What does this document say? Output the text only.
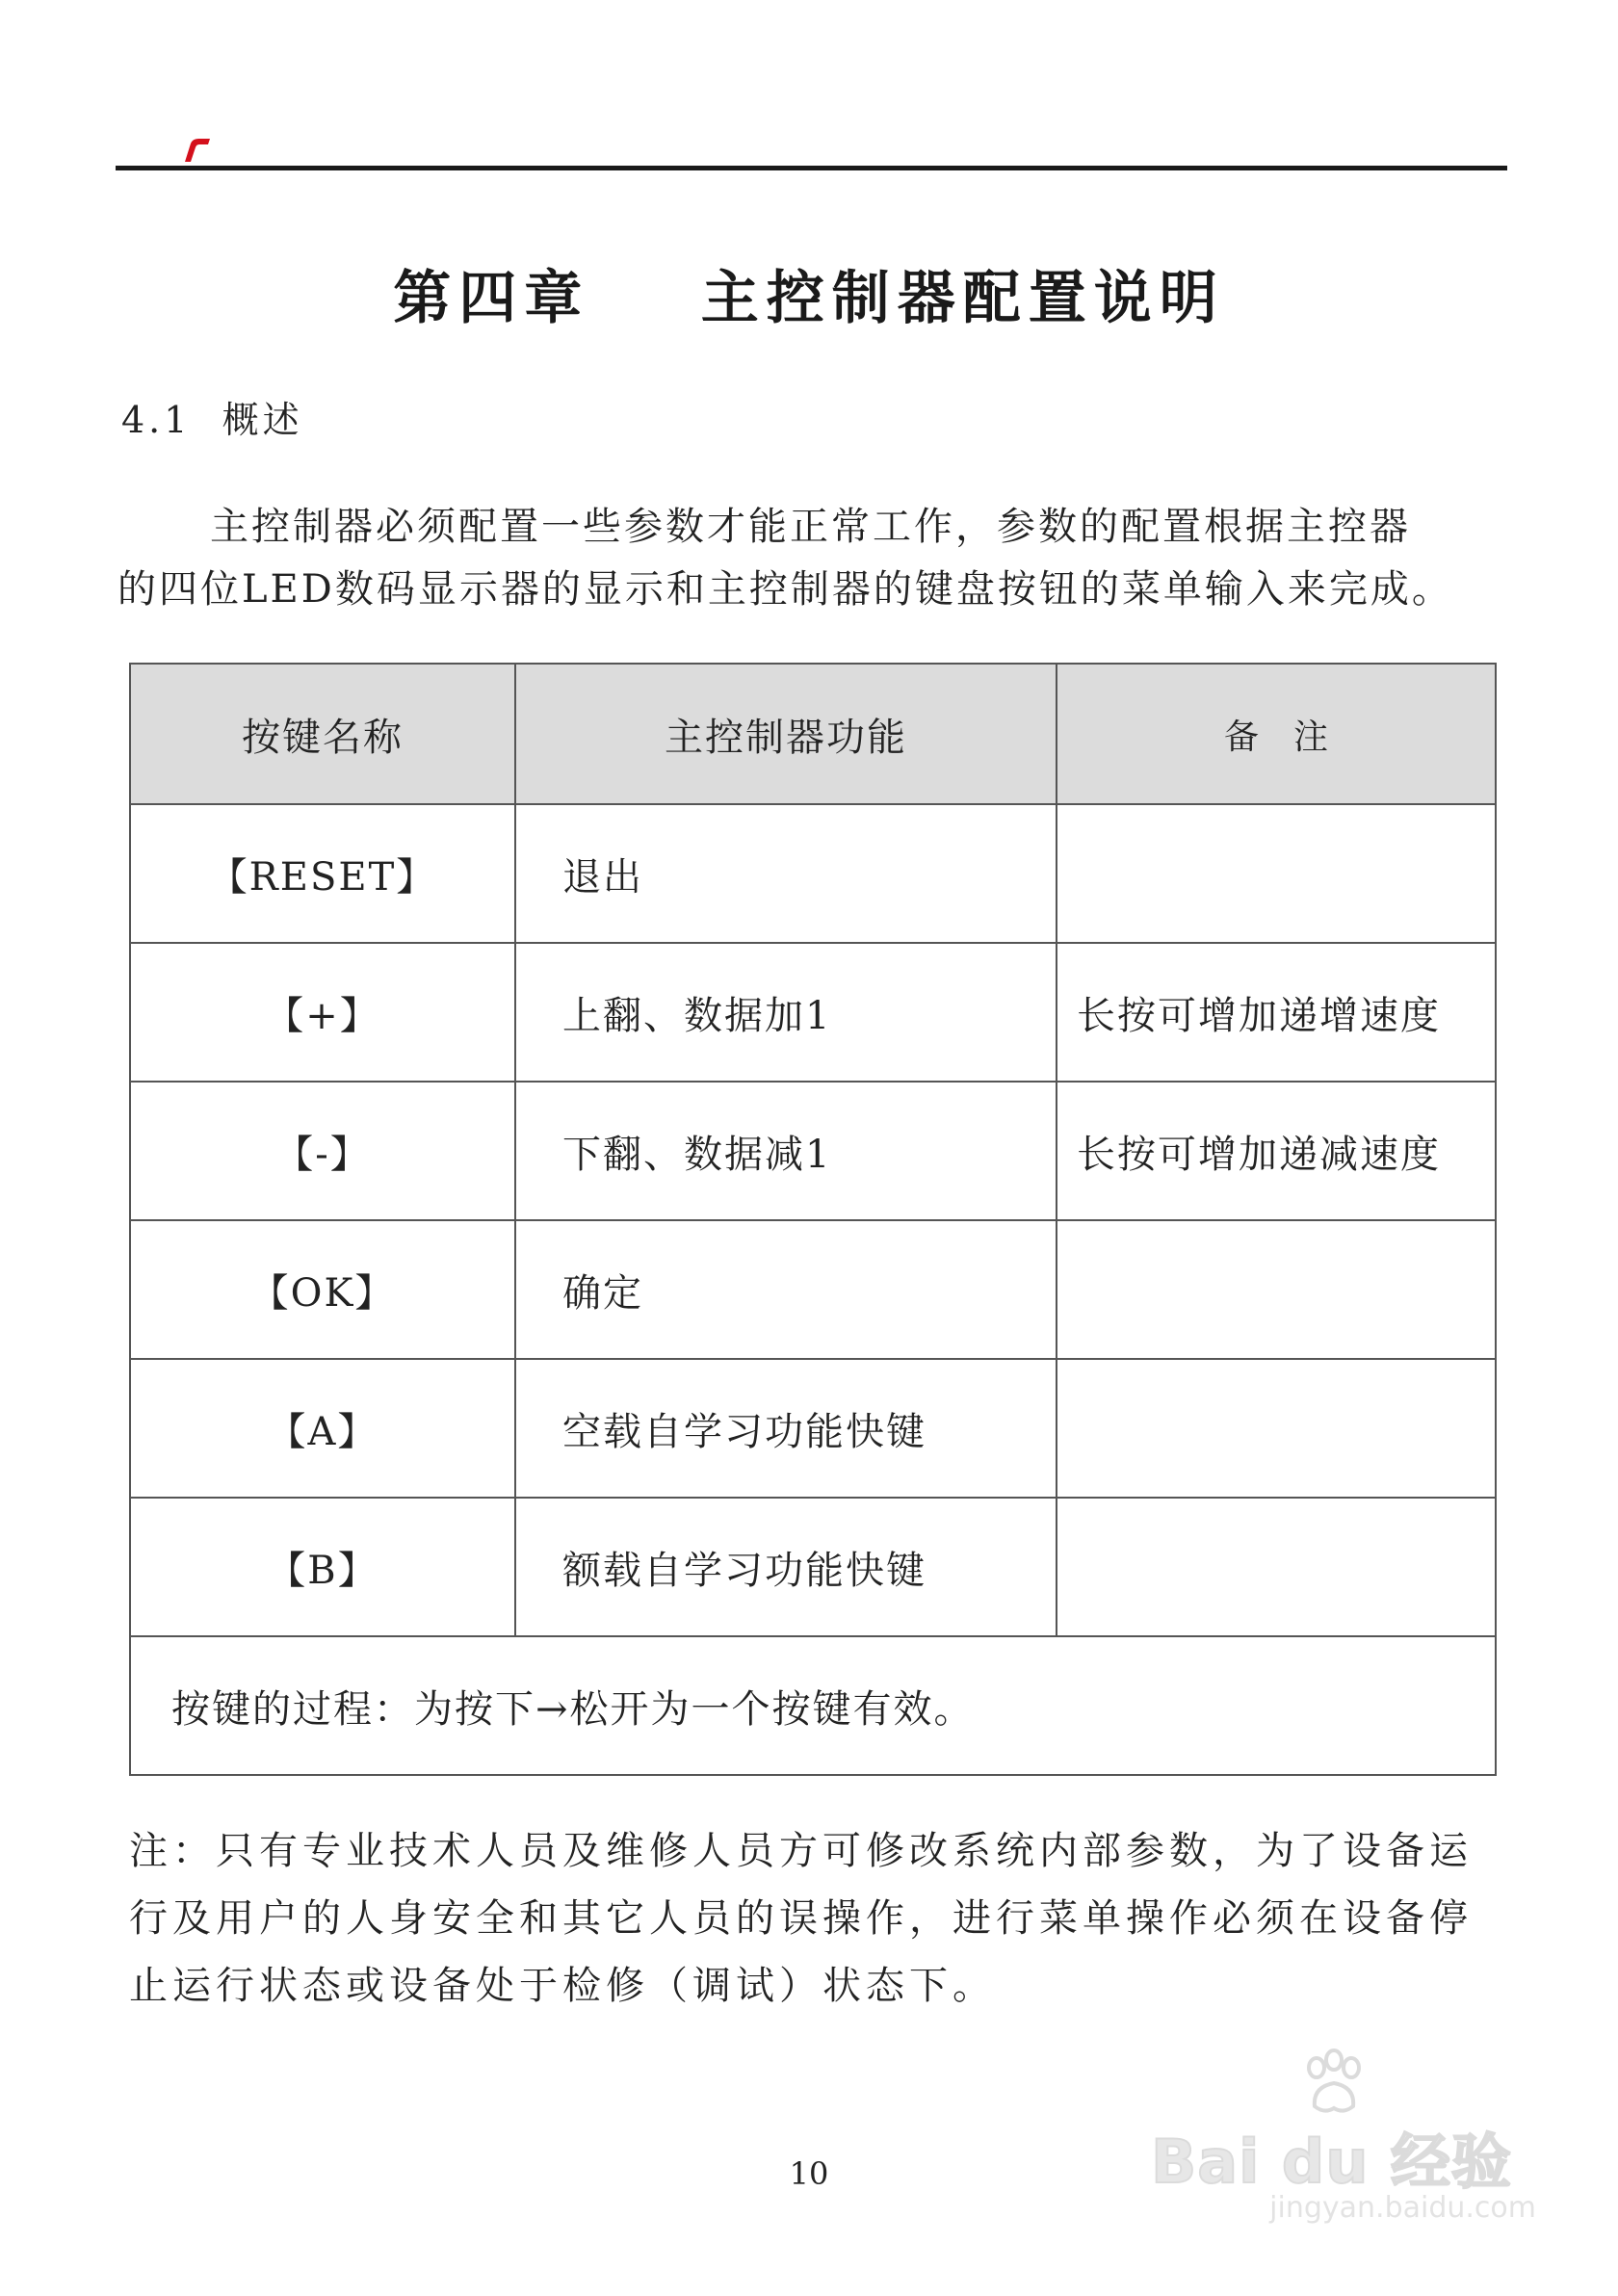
第四章    主控制器配置说明
4.1 概述

主控制器必须配置一些参数才能正常工作，参数的配置根据主控器

的四位LED数码显示器的显示和主控制器的键盘按钮的菜单输入来完成。

按键名称	主控制器功能	备　注
【RESET】	退出	
【+】	上翻、数据加1	长按可增加递增速度
【-】	下翻、数据减1	长按可增加递减速度
【OK】	确定	
【A】	空载自学习功能快键	
【B】	额载自学习功能快键	
按键的过程：为按下→松开为一个按键有效。		

注：只有专业技术人员及维修人员方可修改系统内部参数，为了设备运

行及用户的人身安全和其它人员的误操作，进行菜单操作必须在设备停

止运行状态或设备处于检修（调试）状态下。

10	Bai du 经验
jingyan.baidu.com
